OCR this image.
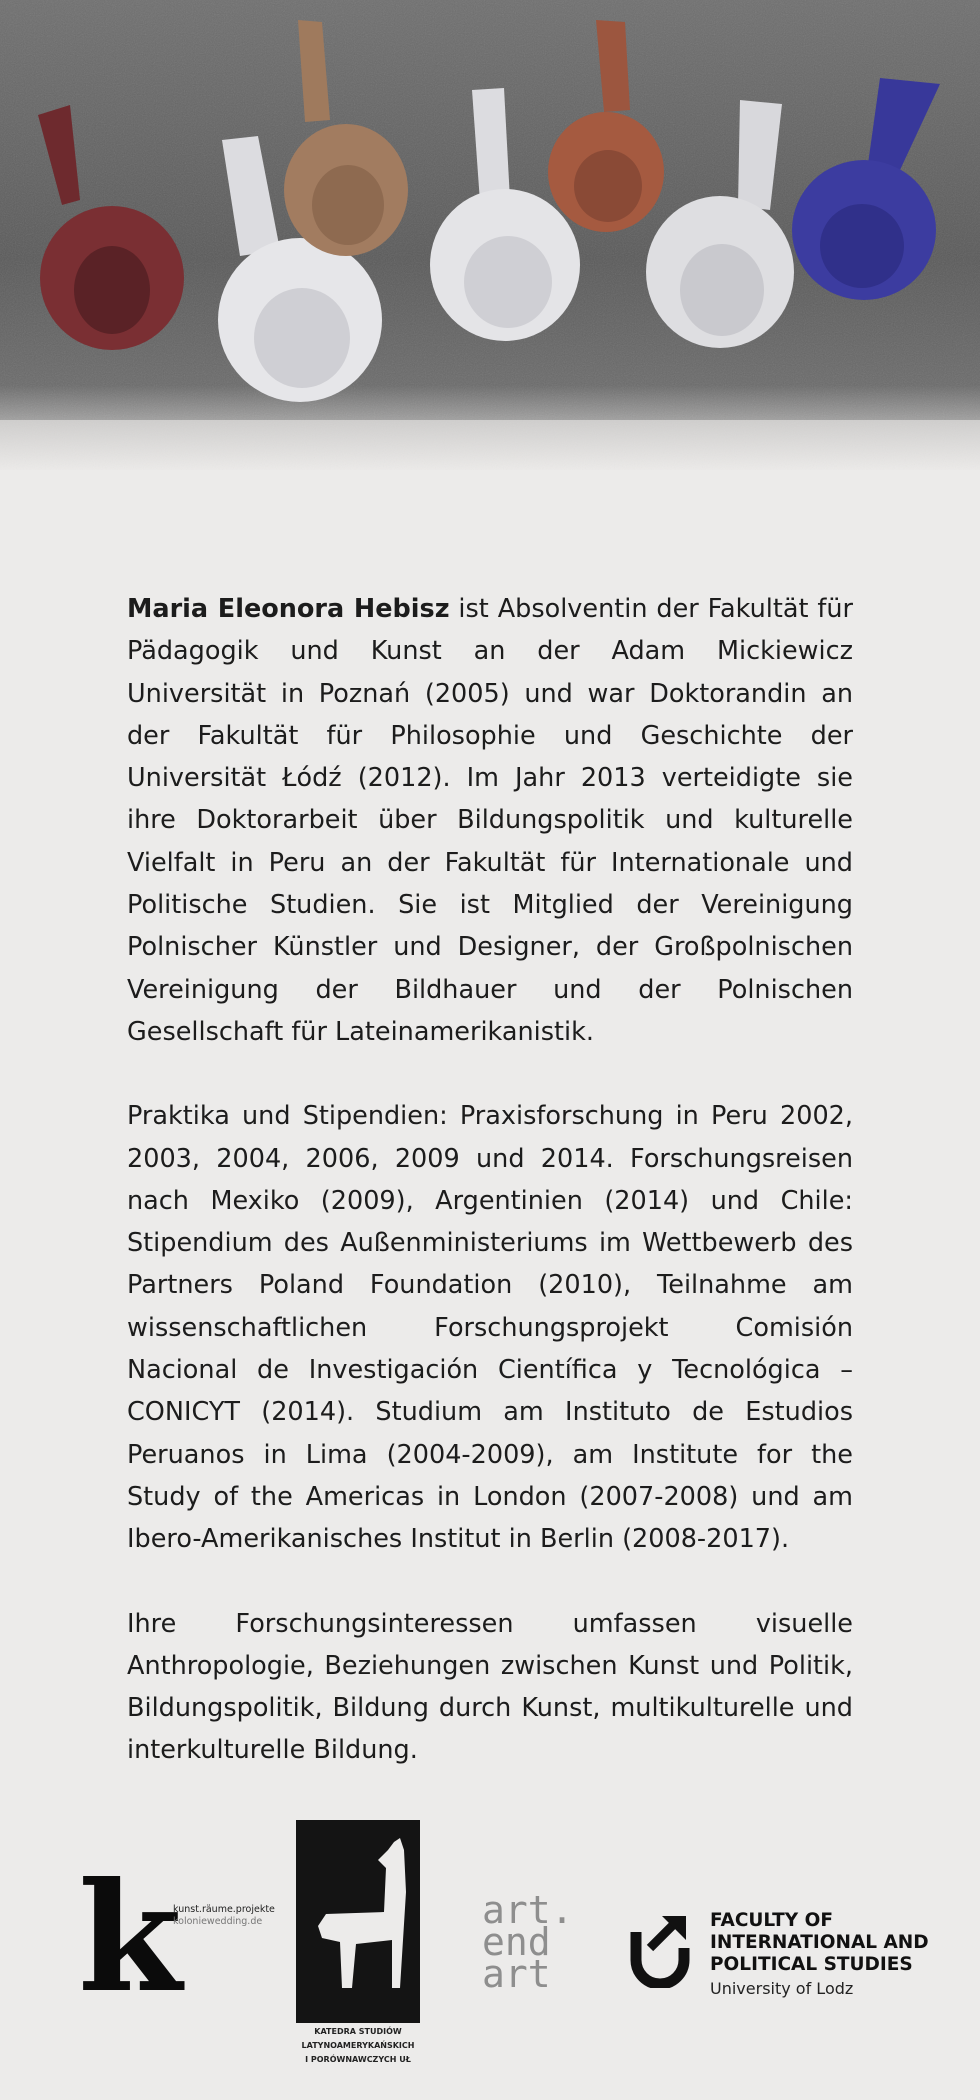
Maria Eleonora Hebisz ist Absolventin der Fakultät für Pädagogik und Kunst an der Adam Mickiewicz Universität in Poznań (2005) und war Doktorandin an der Fakultät für Philosophie und Geschichte der Universität Łódź (2012). Im Jahr 2013 verteidigte sie ihre Doktorarbeit über Bildungspolitik und kulturelle Vielfalt in Peru an der Fakultät für Internationale und Politische Studien. Sie ist Mitglied der Vereinigung Polnischer Künstler und Designer, der Großpolnischen Vereinigung der Bildhauer und der Polnischen Gesellschaft für Lateinamerikanistik.

Praktika und Stipendien: Praxisforschung in Peru 2002, 2003, 2004, 2006, 2009 und 2014. Forschungsreisen nach Mexiko (2009), Argentinien (2014) und Chile: Stipendium des Außenministeriums im Wettbewerb des Partners Poland Foundation (2010), Teilnahme am wissenschaftlichen Forschungsprojekt Comisión Nacional de Investigación Científica y Tecnológica – CONICYT (2014). Studium am Instituto de Estudios Peruanos in Lima (2004-2009), am Institute for the Study of the Americas in London (2007-2008) und am Ibero-Amerikanisches Institut in Berlin (2008-2017).

Ihre Forschungsinteressen umfassen visuelle Anthropologie, Beziehungen zwischen Kunst und Politik, Bildungspolitik, Bildung durch Kunst, multikulturelle und interkulturelle Bildung.

k
kunst.räume.projekte
koloniewedding.de
KATEDRA STUDIÓW
LATYNOAMERYKAŃSKICH
I PORÓWNAWCZYCH UŁ
art.
end
art
FACULTY OF
INTERNATIONAL AND
POLITICAL STUDIES
University of Lodz
